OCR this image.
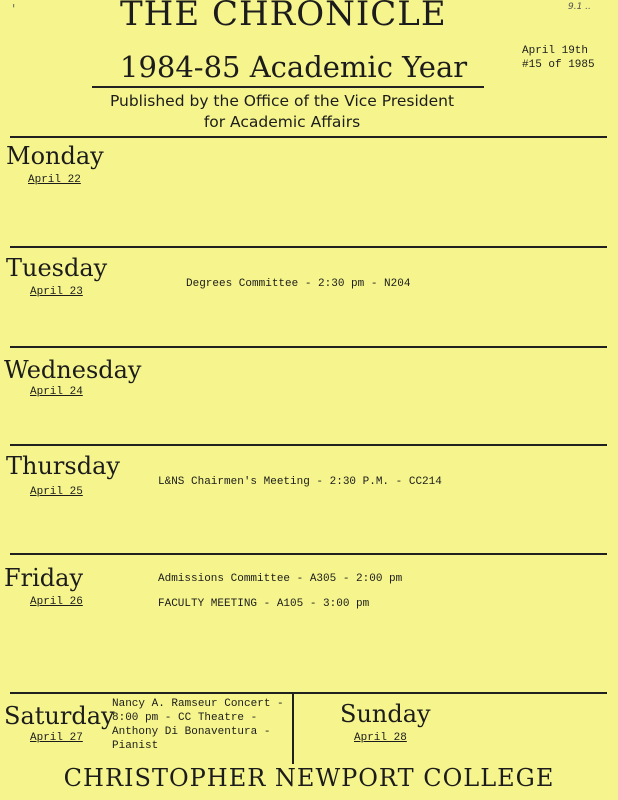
'	9.1 ..
THE CHRONICLE
1984-85 Academic Year
Published by the Office of the Vice President
for Academic Affairs
April 19th
#15 of 1985
Monday
April 22
Tuesday
April 23
Degrees Committee - 2:30 pm - N204
Wednesday
April 24
Thursday
April 25
L&NS Chairmen's Meeting - 2:30 P.M. - CC214
Friday
April 26
Admissions Committee - A305 - 2:00 pm
FACULTY MEETING - A105 - 3:00 pm
Saturday
April 27
Nancy A. Ramseur Concert -
8:00 pm - CC Theatre -
Anthony Di Bonaventura -
Pianist
Sunday
April 28
CHRISTOPHER NEWPORT COLLEGE
